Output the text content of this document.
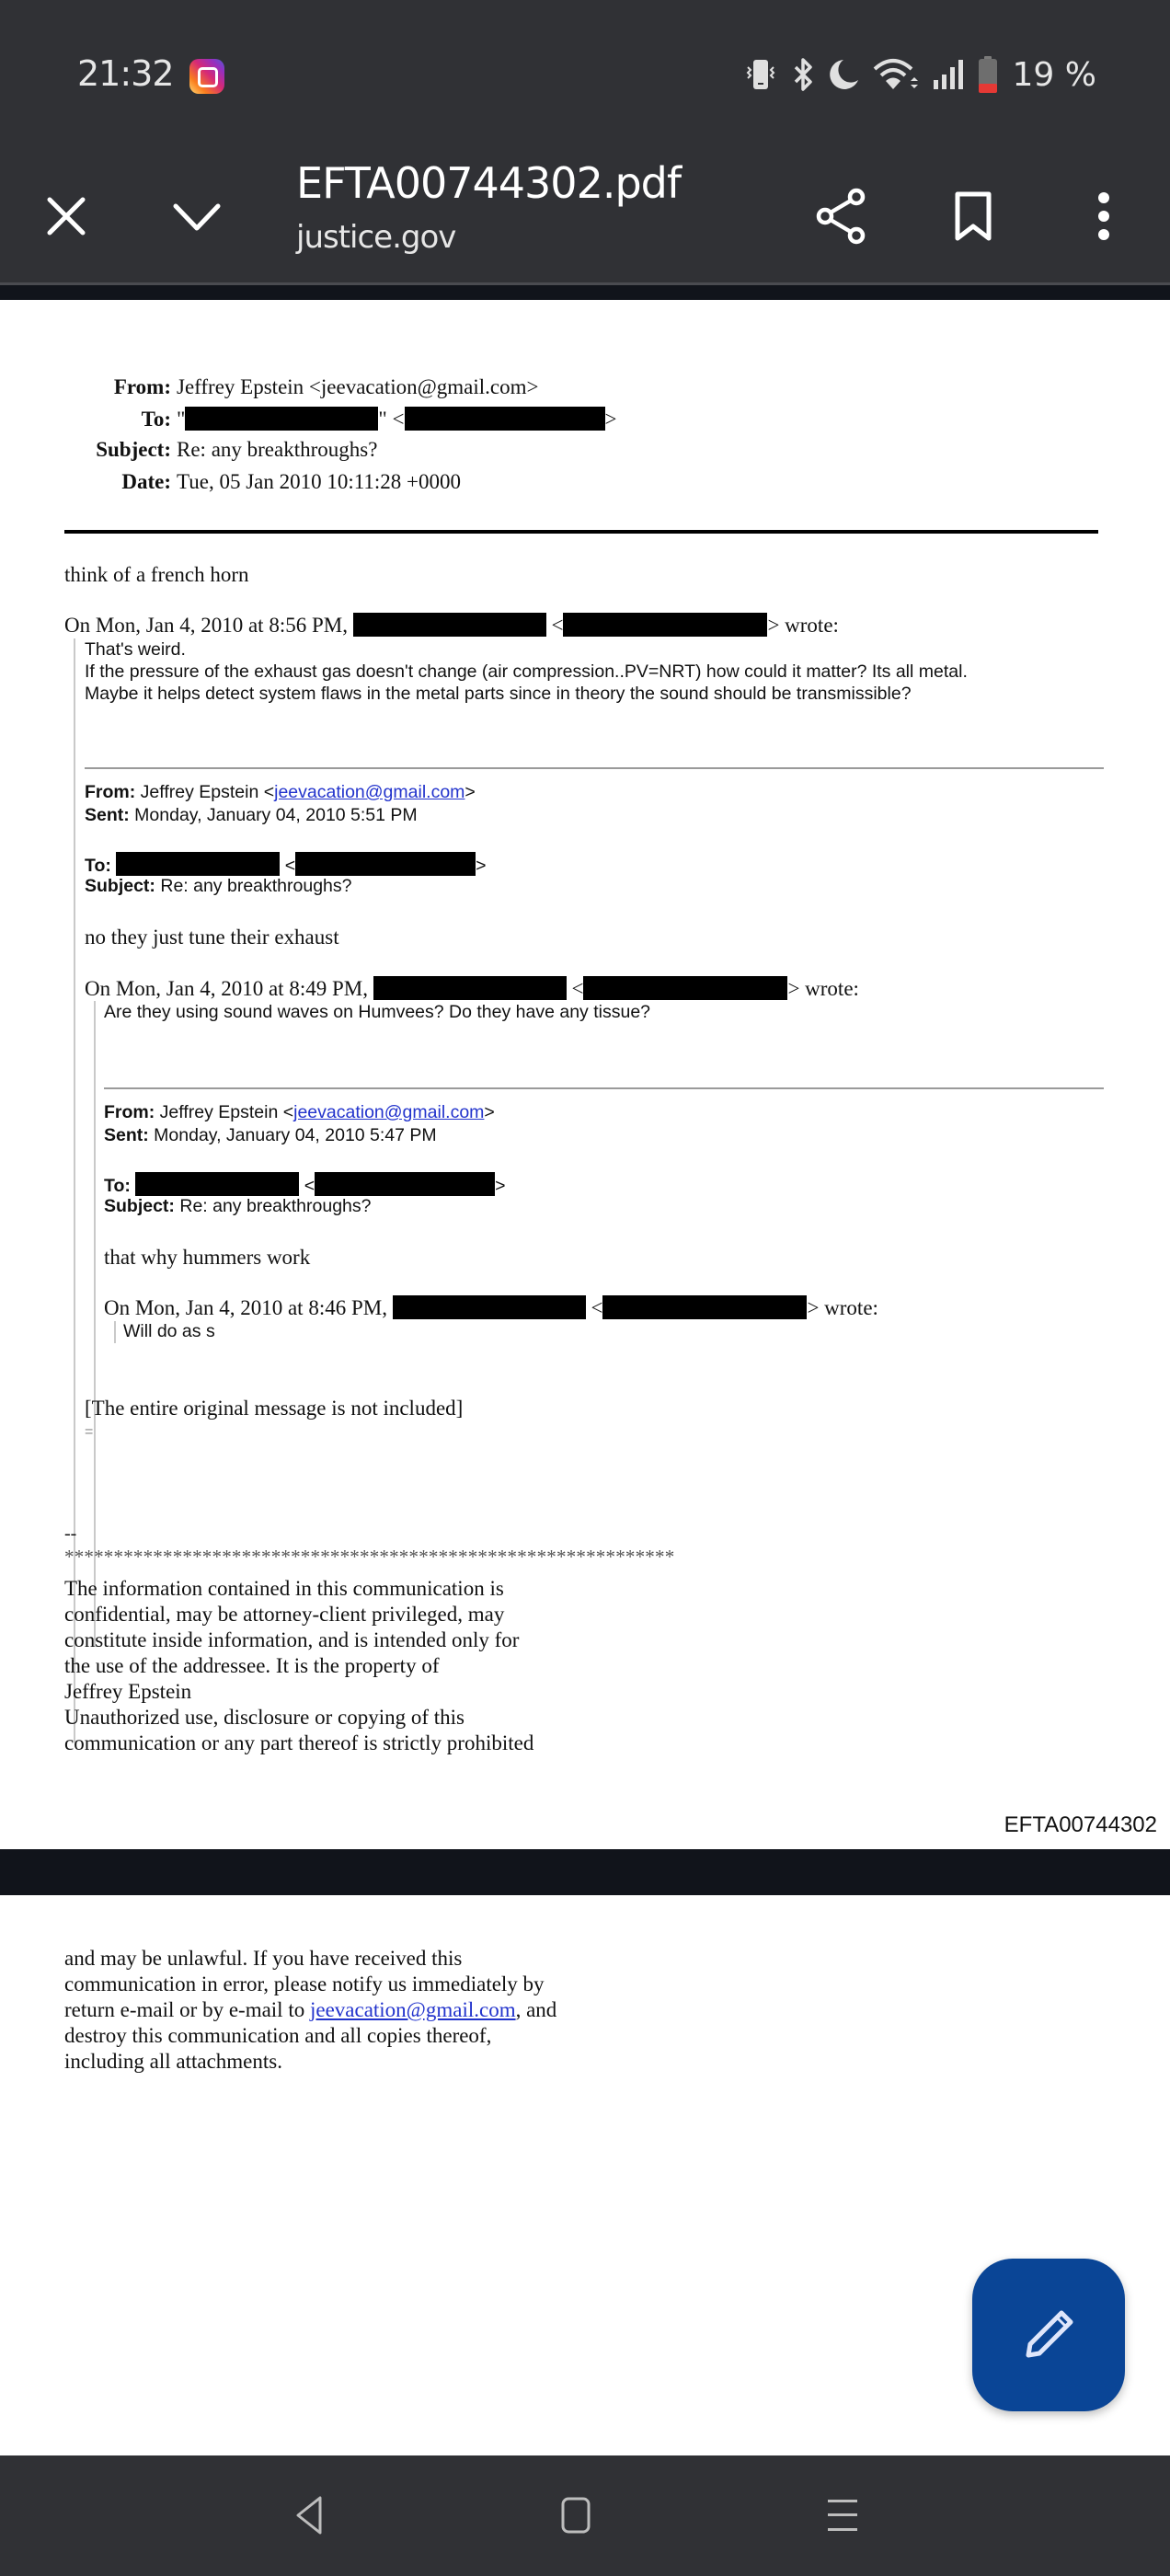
21:32	19 %
EFTA00744302.pdf
justice.gov
From: Jeffrey Epstein <jeevacation@gmail.com>
To: "	" <	>
Subject: Re: any breakthroughs?
Date: Tue, 05 Jan 2010 10:11:28 +0000
think of a french horn
On Mon, Jan 4, 2010 at 8:56 PM,	<	> wrote:
That's weird.
If the pressure of the exhaust gas doesn't change (air compression..PV=NRT) how could it matter? Its all metal.
Maybe it helps detect system flaws in the metal parts since in theory the sound should be transmissible?
From: Jeffrey Epstein <jeevacation@gmail.com>
Sent: Monday, January 04, 2010 5:51 PM
To:	<	>
Subject: Re: any breakthroughs?
no they just tune their exhaust
On Mon, Jan 4, 2010 at 8:49 PM,	<	> wrote:
Are they using sound waves on Humvees? Do they have any tissue?
From: Jeffrey Epstein <jeevacation@gmail.com>
Sent: Monday, January 04, 2010 5:47 PM
To:	<	>
Subject: Re: any breakthroughs?
that why hummers work
On Mon, Jan 4, 2010 at 8:46 PM,	<	> wrote:
Will do as s
[The entire original message is not included]
=
--
**************************************************************
The information contained in this communication is
confidential, may be attorney-client privileged, may
constitute inside information, and is intended only for
the use of the addressee. It is the property of
Jeffrey Epstein
Unauthorized use, disclosure or copying of this
communication or any part thereof is strictly prohibited
EFTA00744302
and may be unlawful. If you have received this
communication in error, please notify us immediately by
return e-mail or by e-mail to jeevacation@gmail.com, and
destroy this communication and all copies thereof,
including all attachments.
